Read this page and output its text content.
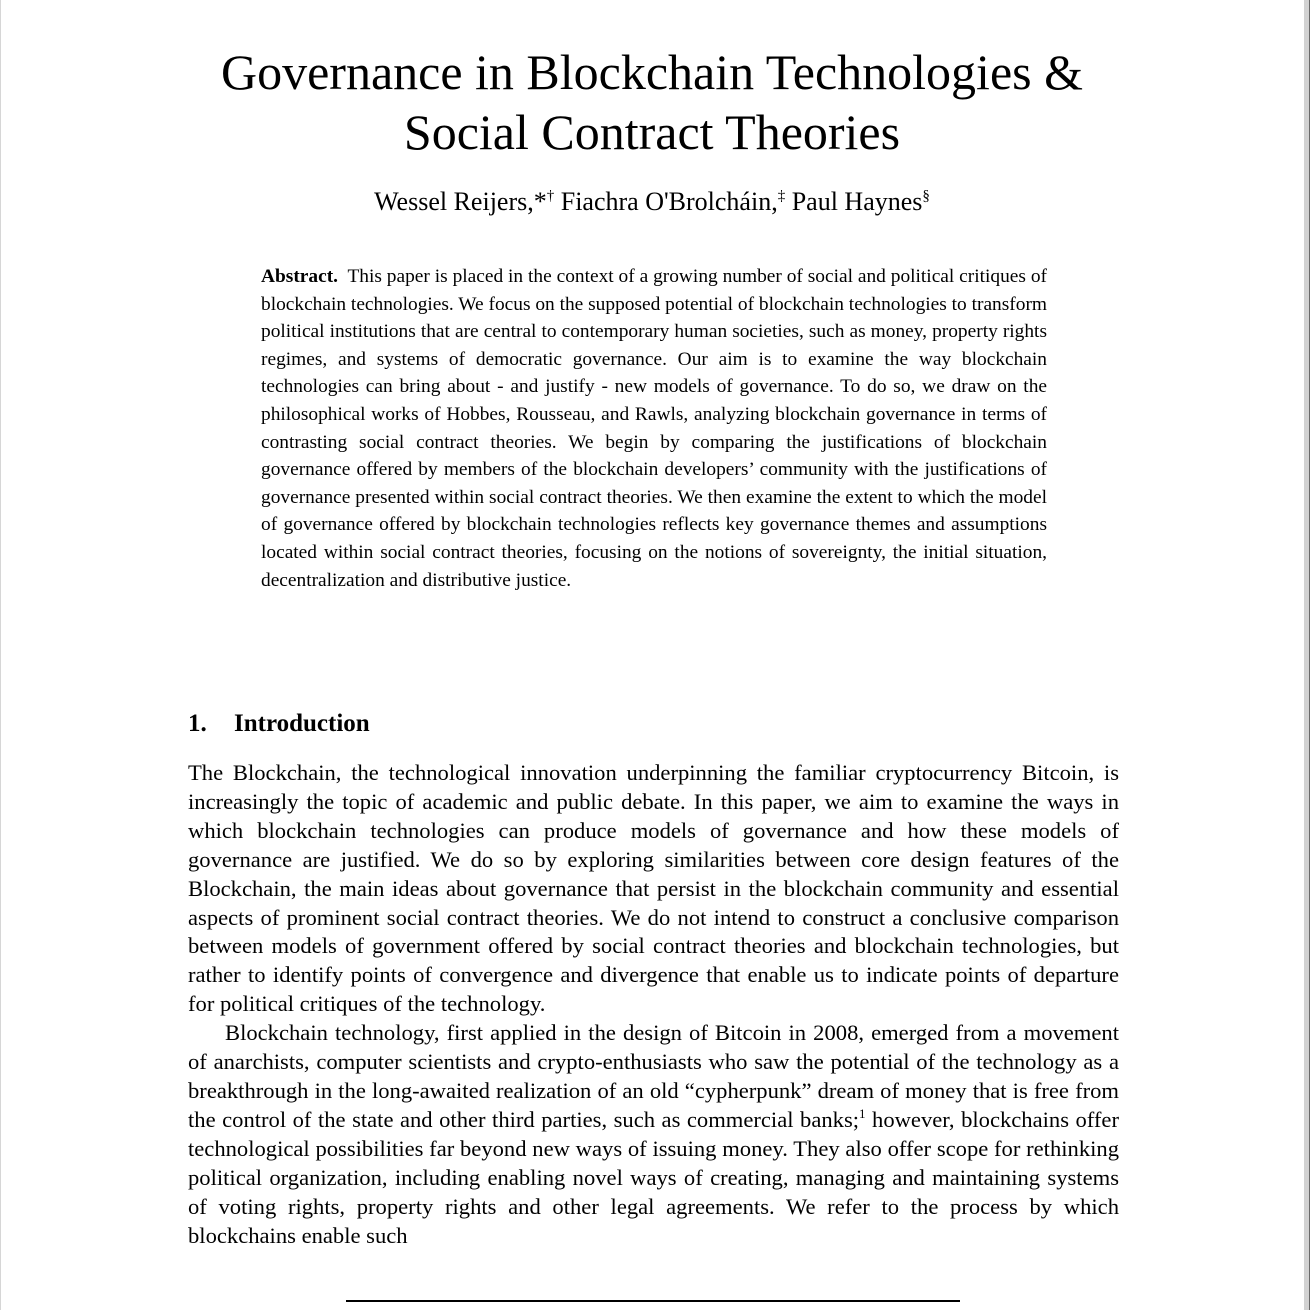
Governance in Blockchain Technologies &
Social Contract Theories
Wessel Reijers,*† Fiachra O'Brolcháin,‡ Paul Haynes§

Abstract. This paper is placed in the context of a growing number of social and political critiques of blockchain technologies. We focus on the supposed potential of blockchain technologies to transform political institutions that are central to contemporary human societies, such as money, property rights regimes, and systems of democratic governance. Our aim is to examine the way blockchain technologies can bring about - and justify - new models of governance. To do so, we draw on the philosophical works of Hobbes, Rousseau, and Rawls, analyzing blockchain governance in terms of contrasting social contract theories. We begin by comparing the justifications of blockchain governance offered by members of the blockchain developers’ community with the justifications of governance presented within social contract theories. We then examine the extent to which the model of governance offered by blockchain technologies reflects key governance themes and assumptions located within social contract theories, focusing on the notions of sovereignty, the initial situation, decentralization and distributive justice.

1. Introduction

The Blockchain, the technological innovation underpinning the familiar cryptocurrency Bitcoin, is increasingly the topic of academic and public debate. In this paper, we aim to examine the ways in which blockchain technologies can produce models of governance and how these models of governance are justified. We do so by exploring similarities between core design features of the Blockchain, the main ideas about governance that persist in the blockchain community and essential aspects of prominent social contract theories. We do not intend to construct a conclusive comparison between models of government offered by social contract theories and blockchain technologies, but rather to identify points of convergence and divergence that enable us to indicate points of departure for political critiques of the technology.

Blockchain technology, first applied in the design of Bitcoin in 2008, emerged from a movement of anarchists, computer scientists and crypto-enthusiasts who saw the potential of the technology as a breakthrough in the long-awaited realization of an old “cypherpunk” dream of money that is free from the control of the state and other third parties, such as commercial banks;$^1$ however, blockchains offer technological possibilities far beyond new ways of issuing money. They also offer scope for rethinking political organization, including enabling novel ways of creating, managing and maintaining systems of voting rights, property rights and other legal agreements. We refer to the process by which blockchains enable such
